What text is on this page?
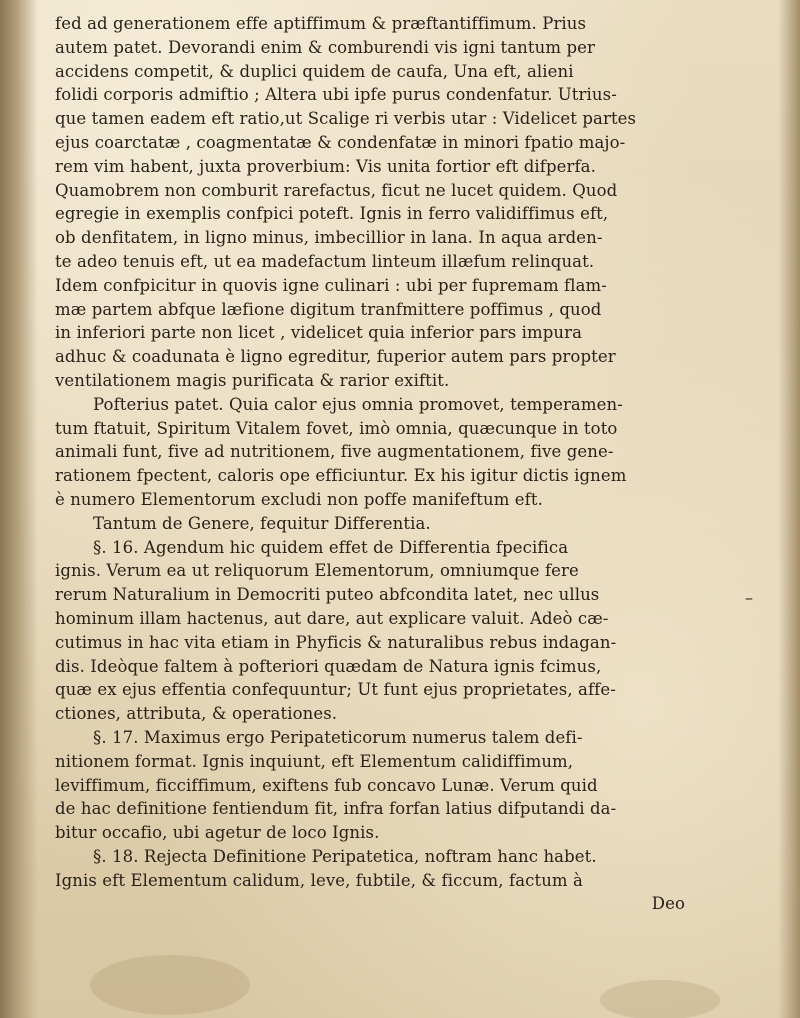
fed ad generationem effe aptiffimum & præftantiffimum. Prius
autem patet. Devorandi enim & comburendi vis igni tantum per
accidens competit, & duplici quidem de caufa, Una eft, alieni
folidi corporis admiftio ; Altera ubi ipfe purus condenfatur. Utrius-
que tamen eadem eft ratio,ut Scalige ri verbis utar : Videlicet partes
ejus coarctatæ , coagmentatæ & condenfatæ in minori fpatio majo-
rem vim habent, juxta proverbium: Vis unita fortior eft difperfa.
Quamobrem non comburit rarefactus, ficut ne lucet quidem. Quod
egregie in exemplis confpici poteft. Ignis in ferro validiffimus eft,
ob denfitatem, in ligno minus, imbecillior in lana. In aqua arden-
te adeo tenuis eft, ut ea madefactum linteum illæfum relinquat.
Idem confpicitur in quovis igne culinari : ubi per fupremam flam-
mæ partem abfque læfione digitum tranfmittere poffimus , quod
in inferiori parte non licet , videlicet quia inferior pars impura
adhuc & coadunata è ligno egreditur, fuperior autem pars propter
ventilationem magis purificata & rarior exiftit.
Pofterius patet. Quia calor ejus omnia promovet, temperamen-
tum ftatuit, Spiritum Vitalem fovet, imò omnia, quæcunque in toto
animali funt, five ad nutritionem, five augmentationem, five gene-
rationem fpectent, caloris ope efficiuntur. Ex his igitur dictis ignem
è numero Elementorum excludi non poffe manifeftum eft.
Tantum de Genere, fequitur Differentia.
§. 16. Agendum hic quidem effet de Differentia fpecifica
ignis. Verum ea ut reliquorum Elementorum, omniumque fere
rerum Naturalium in Democriti puteo abfcondita latet, nec ullus
hominum illam hactenus, aut dare, aut explicare valuit. Adeò cæ-
cutimus in hac vita etiam in Phyficis & naturalibus rebus indagan-
dis. Ideòque faltem à pofteriori quædam de Natura ignis fcimus,
quæ ex ejus effentia confequuntur; Ut funt ejus proprietates, affe-
ctiones, attributa, & operationes.
§. 17. Maximus ergo Peripateticorum numerus talem defi-
nitionem format. Ignis inquiunt, eft Elementum calidiffimum,
leviffimum, ficciffimum, exiftens fub concavo Lunæ. Verum quid
de hac definitione fentiendum fit, infra forfan latius difputandi da-
bitur occafio, ubi agetur de loco Ignis.
§. 18. Rejecta Definitione Peripatetica, noftram hanc habet.
Ignis eft Elementum calidum, leve, fubtile, & ficcum, factum à
Deo
–
